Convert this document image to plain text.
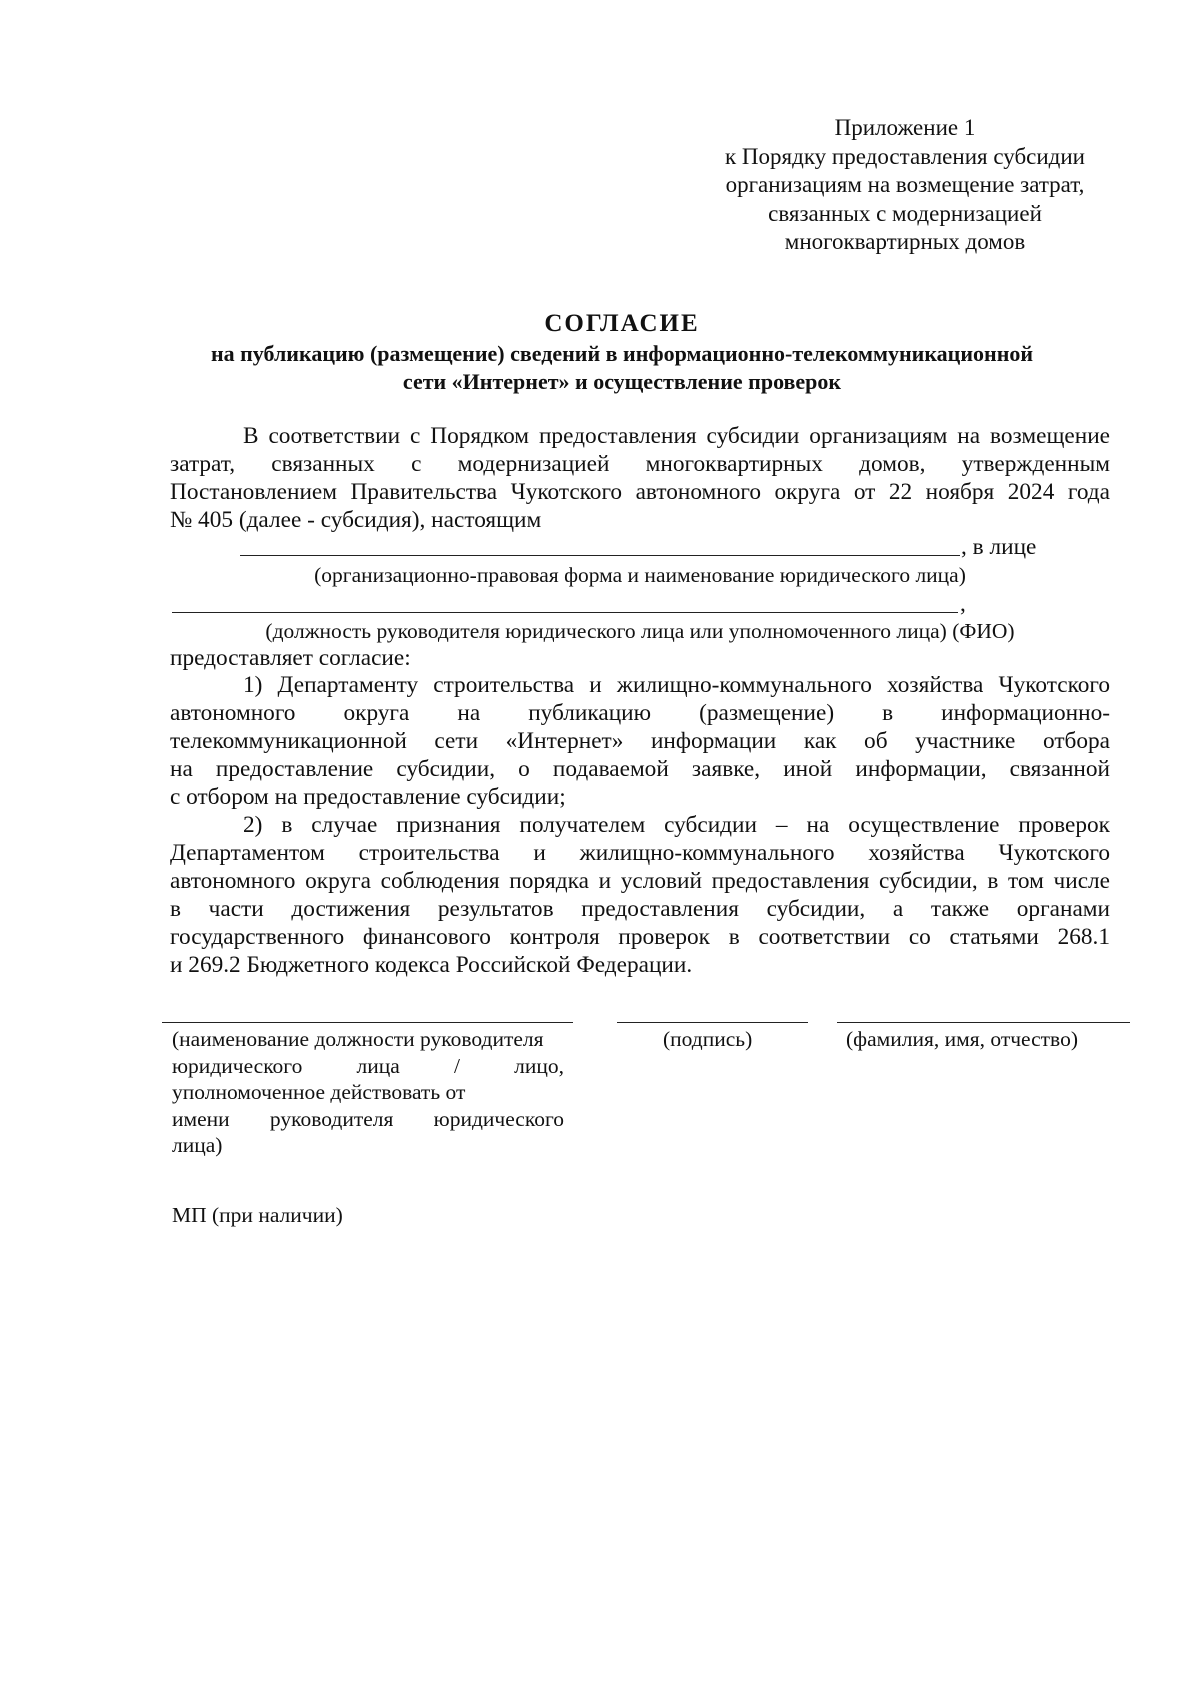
Приложение 1
к Порядку предоставления субсидии
организациям на возмещение затрат,
связанных с модернизацией
многоквартирных домов
СОГЛАСИЕ
на публикацию (размещение) сведений в информационно-телекоммуникационной
сети «Интернет» и осуществление проверок
В соответствии с Порядком предоставления субсидии организациям на возмещение
затрат, связанных с модернизацией многоквартирных домов, утвержденным
Постановлением Правительства Чукотского автономного округа от 22 ноября 2024 года
№ 405 (далее - субсидия), настоящим
, в лице
(организационно-правовая форма и наименование юридического лица)
,
(должность руководителя юридического лица или уполномоченного лица) (ФИО)
предоставляет согласие:
1) Департаменту строительства и жилищно-коммунального хозяйства Чукотского
автономного округа на публикацию (размещение) в информационно-
телекоммуникационной сети «Интернет» информации как об участнике отбора
на предоставление субсидии, о подаваемой заявке, иной информации, связанной
с отбором на предоставление субсидии;
2) в случае признания получателем субсидии – на осуществление проверок
Департаментом строительства и жилищно-коммунального хозяйства Чукотского
автономного округа соблюдения порядка и условий предоставления субсидии, в том числе
в части достижения результатов предоставления субсидии, а также органами
государственного финансового контроля проверок в соответствии со статьями 268.1
и 269.2 Бюджетного кодекса Российской Федерации.
(наименование должности руководителя
юридического лица / лицо,
уполномоченное действовать от
имени руководителя юридического
лица)
(подпись)	(фамилия, имя, отчество)
МП (при наличии)
